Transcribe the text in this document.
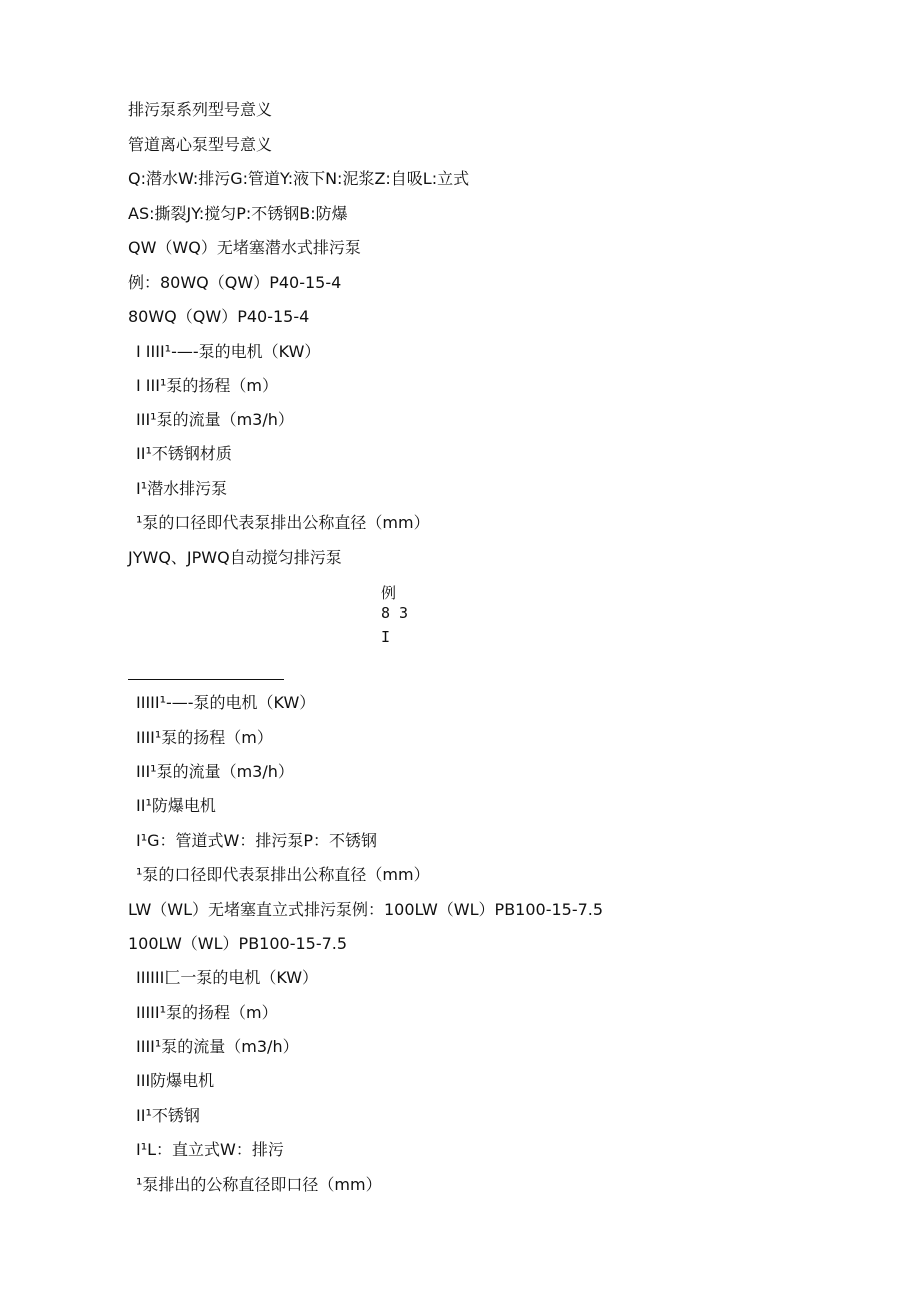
排污泵系列型号意义
管道离心泵型号意义
Q:潜水W:排污G:管道Y:液下N:泥浆Z:自吸L:立式
AS:撕裂JY:搅匀P:不锈钢B:防爆
QW（WQ）无堵塞潜水式排污泵
例：80WQ（QW）P40-15-4
80WQ（QW）P40-15-4
I IIII¹-—-泵的电机（KW）
I III¹泵的扬程（m）
III¹泵的流量（m3/h）
II¹不锈钢材质
I¹潜水排污泵
¹泵的口径即代表泵排出公称直径（mm）
JYWQ、JPWQ自动搅匀排污泵
例
8 3
I
IIIII¹-—-泵的电机（KW）
IIII¹泵的扬程（m）
III¹泵的流量（m3/h）
II¹防爆电机
I¹G：管道式W：排污泵P：不锈钢
¹泵的口径即代表泵排出公称直径（mm）
LW（WL）无堵塞直立式排污泵例：100LW（WL）PB100-15-7.5
100LW（WL）PB100-15-7.5
IIIIII匚一泵的电机（KW）
IIIII¹泵的扬程（m）
IIII¹泵的流量（m3/h）
III防爆电机
II¹不锈钢
I¹L：直立式W：排污
¹泵排出的公称直径即口径（mm）
